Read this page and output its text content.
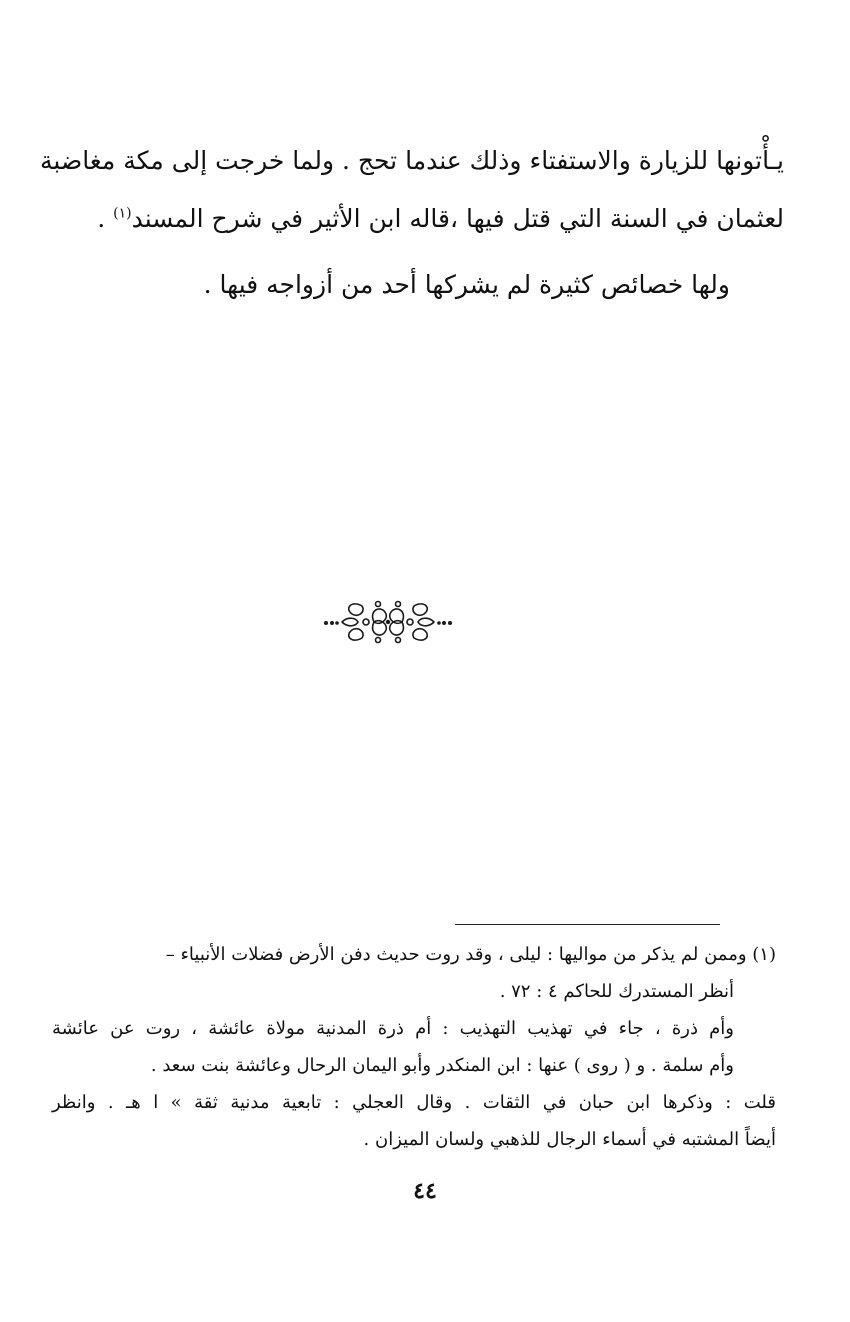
يـأْتونها للزيارة والاستفتاء وذلك عندما تحج . ولما خرجت إلى مكة مغاضبة
لعثمان في السنة التي قتل فيها ،قاله ابن الأثير في شرح المسند$^{(١)}$ .
ولها خصائص كثيرة لم يشركها أحد من أزواجه فيها .
(١) وممن لم يذكر من مواليها : ليلى ، وقد روت حديث دفن الأرض فضلات الأنبياء –
أنظر المستدرك للحاكم ٤ : ٧٢ .
وأم ذرة ، جاء في تهذيب التهذيب : أم ذرة المدنية مولاة عائشة ، روت عن عائشة
وأم سلمة . و ( روى ) عنها : ابن المنكدر وأبو اليمان الرحال وعائشة بنت سعد .
قلت : وذكرها ابن حبان في الثقات . وقال العجلي : تابعية مدنية ثقة » ا هـ . وانظر
أيضاً المشتبه في أسماء الرجال للذهبي ولسان الميزان .
٤٤
